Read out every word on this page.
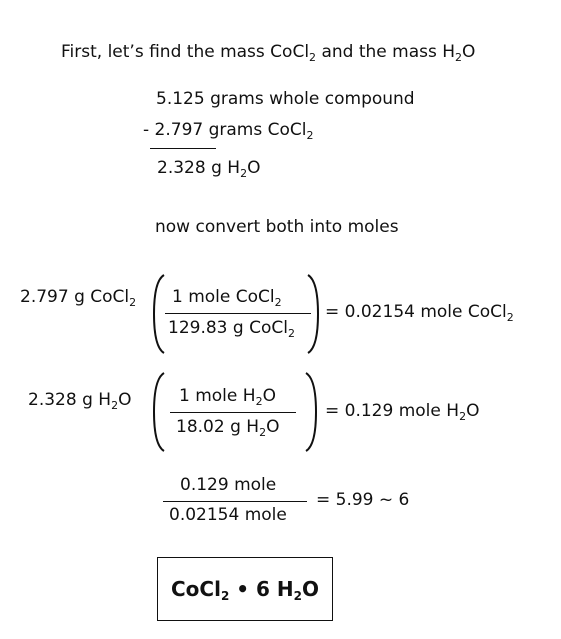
First, let’s find the mass CoCl$_2$ and the mass $H_2O$
5.125 grams whole compound
- 2.797 grams CoCl$_2$
2.328 g $H_2O$
now convert both into moles
2.797 g CoCl$_2$ 1 mole CoCl$_2$
129.83 g CoCl$_2$
= 0.02154 mole CoCl$_2$
2.328 g $H_2O$	1 mole $H_2O$
18.02 g $H_2O$
= 0.129 mole $H_2O$
0.129 mole
0.02154 mole
= 5.99 ~ 6
CoCl$_2$ • 6 $H_2O$
